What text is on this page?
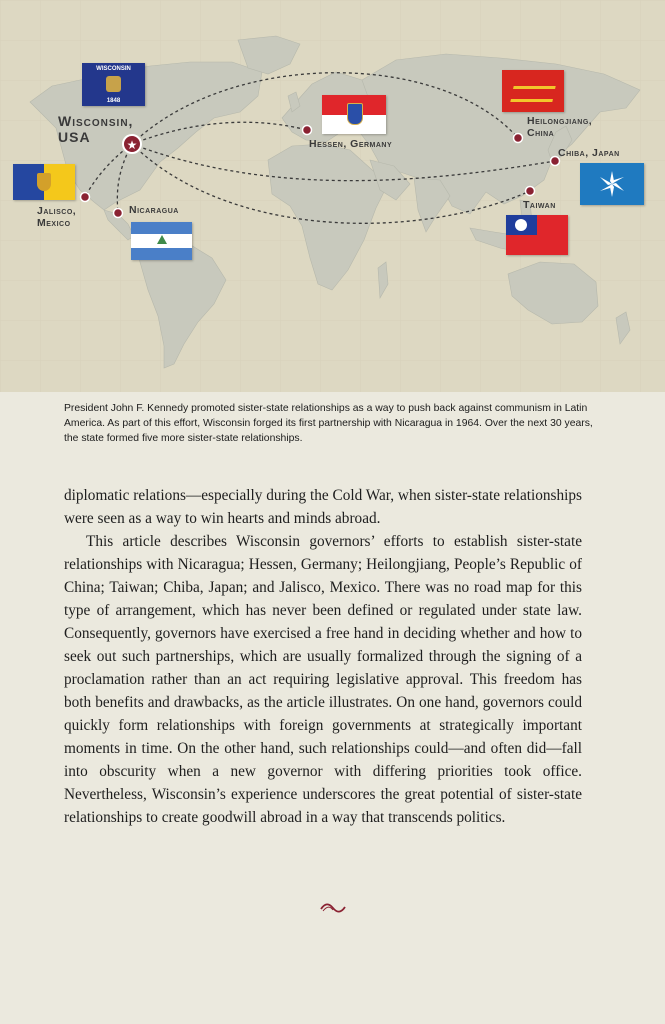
★
WISCONSIN
1848
Wisconsin, USA
Jalisco, Mexico
Nicaragua
Hessen, Germany
Heilongjiang, China
Chiba, Japan
Taiwan
President John F. Kennedy promoted sister-state relationships as a way to push back against communism in Latin America. As part of this effort, Wisconsin forged its first partnership with Nicaragua in 1964. Over the next 30 years, the state formed five more sister-state relationships.

diplomatic relations—especially during the Cold War, when sister-state relationships were seen as a way to win hearts and minds abroad.

This article describes Wisconsin governors’ efforts to establish sister-state relationships with Nicaragua; Hessen, Germany; Heilongjiang, People’s Republic of China; Taiwan; Chiba, Japan; and Jalisco, Mexico. There was no road map for this type of arrangement, which has never been defined or regulated under state law. Consequently, governors have exercised a free hand in deciding whether and how to seek out such partnerships, which are usually formalized through the signing of a proclamation rather than an act requiring legislative approval. This freedom has both benefits and drawbacks, as the article illustrates. On one hand, governors could quickly form relationships with foreign governments at strategically important moments in time. On the other hand, such relationships could—and often did—fall into obscurity when a new governor with differing priorities took office. Nevertheless, Wisconsin’s experience underscores the great potential of sister-state relationships to create goodwill abroad in a way that transcends politics.
